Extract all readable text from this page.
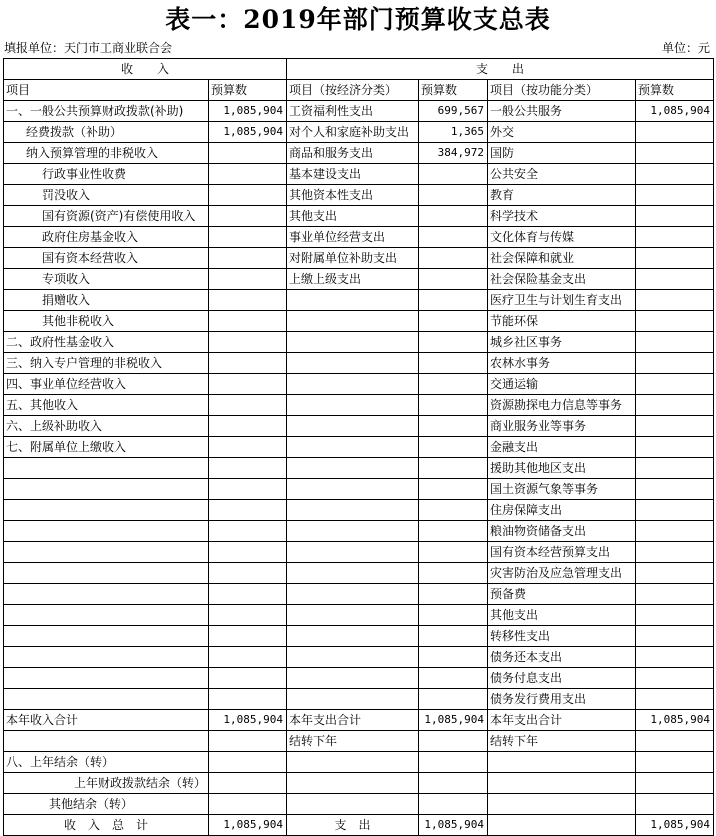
表一：2019年部门预算收支总表
填报单位：天门市工商业联合会	单位：元
收　　入		支　　出			
项目	预算数	项目（按经济分类）	预算数	项目（按功能分类）	预算数
一、一般公共预算财政拨款(补助)	1,085,904	工资福利性支出	699,567	一般公共服务	1,085,904
经费拨款（补助）	1,085,904	对个人和家庭补助支出	1,365	外交	
纳入预算管理的非税收入		商品和服务支出	384,972	国防	
行政事业性收费		基本建设支出		公共安全	
罚没收入		其他资本性支出		教育	
国有资源(资产)有偿使用收入		其他支出		科学技术	
政府住房基金收入		事业单位经营支出		文化体育与传媒	
国有资本经营收入		对附属单位补助支出		社会保障和就业	
专项收入		上缴上级支出		社会保险基金支出	
捐赠收入				医疗卫生与计划生育支出	
其他非税收入				节能环保	
二、政府性基金收入				城乡社区事务	
三、纳入专户管理的非税收入				农林水事务	
四、事业单位经营收入				交通运输	
五、其他收入				资源勘探电力信息等事务	
六、上级补助收入				商业服务业等事务	
七、附属单位上缴收入				金融支出	
				援助其他地区支出	
				国土资源气象等事务	
				住房保障支出	
				粮油物资储备支出	
				国有资本经营预算支出	
				灾害防治及应急管理支出	
				预备费	
				其他支出	
				转移性支出	
				债务还本支出	
				债务付息支出	
				债务发行费用支出	
本年收入合计	1,085,904	本年支出合计	1,085,904	本年支出合计	1,085,904
		结转下年		结转下年	
八、上年结余（转）					
上年财政拨款结余（转）					
其他结余（转）					
收　入　总　计	1,085,904	支　出	1,085,904		1,085,904
